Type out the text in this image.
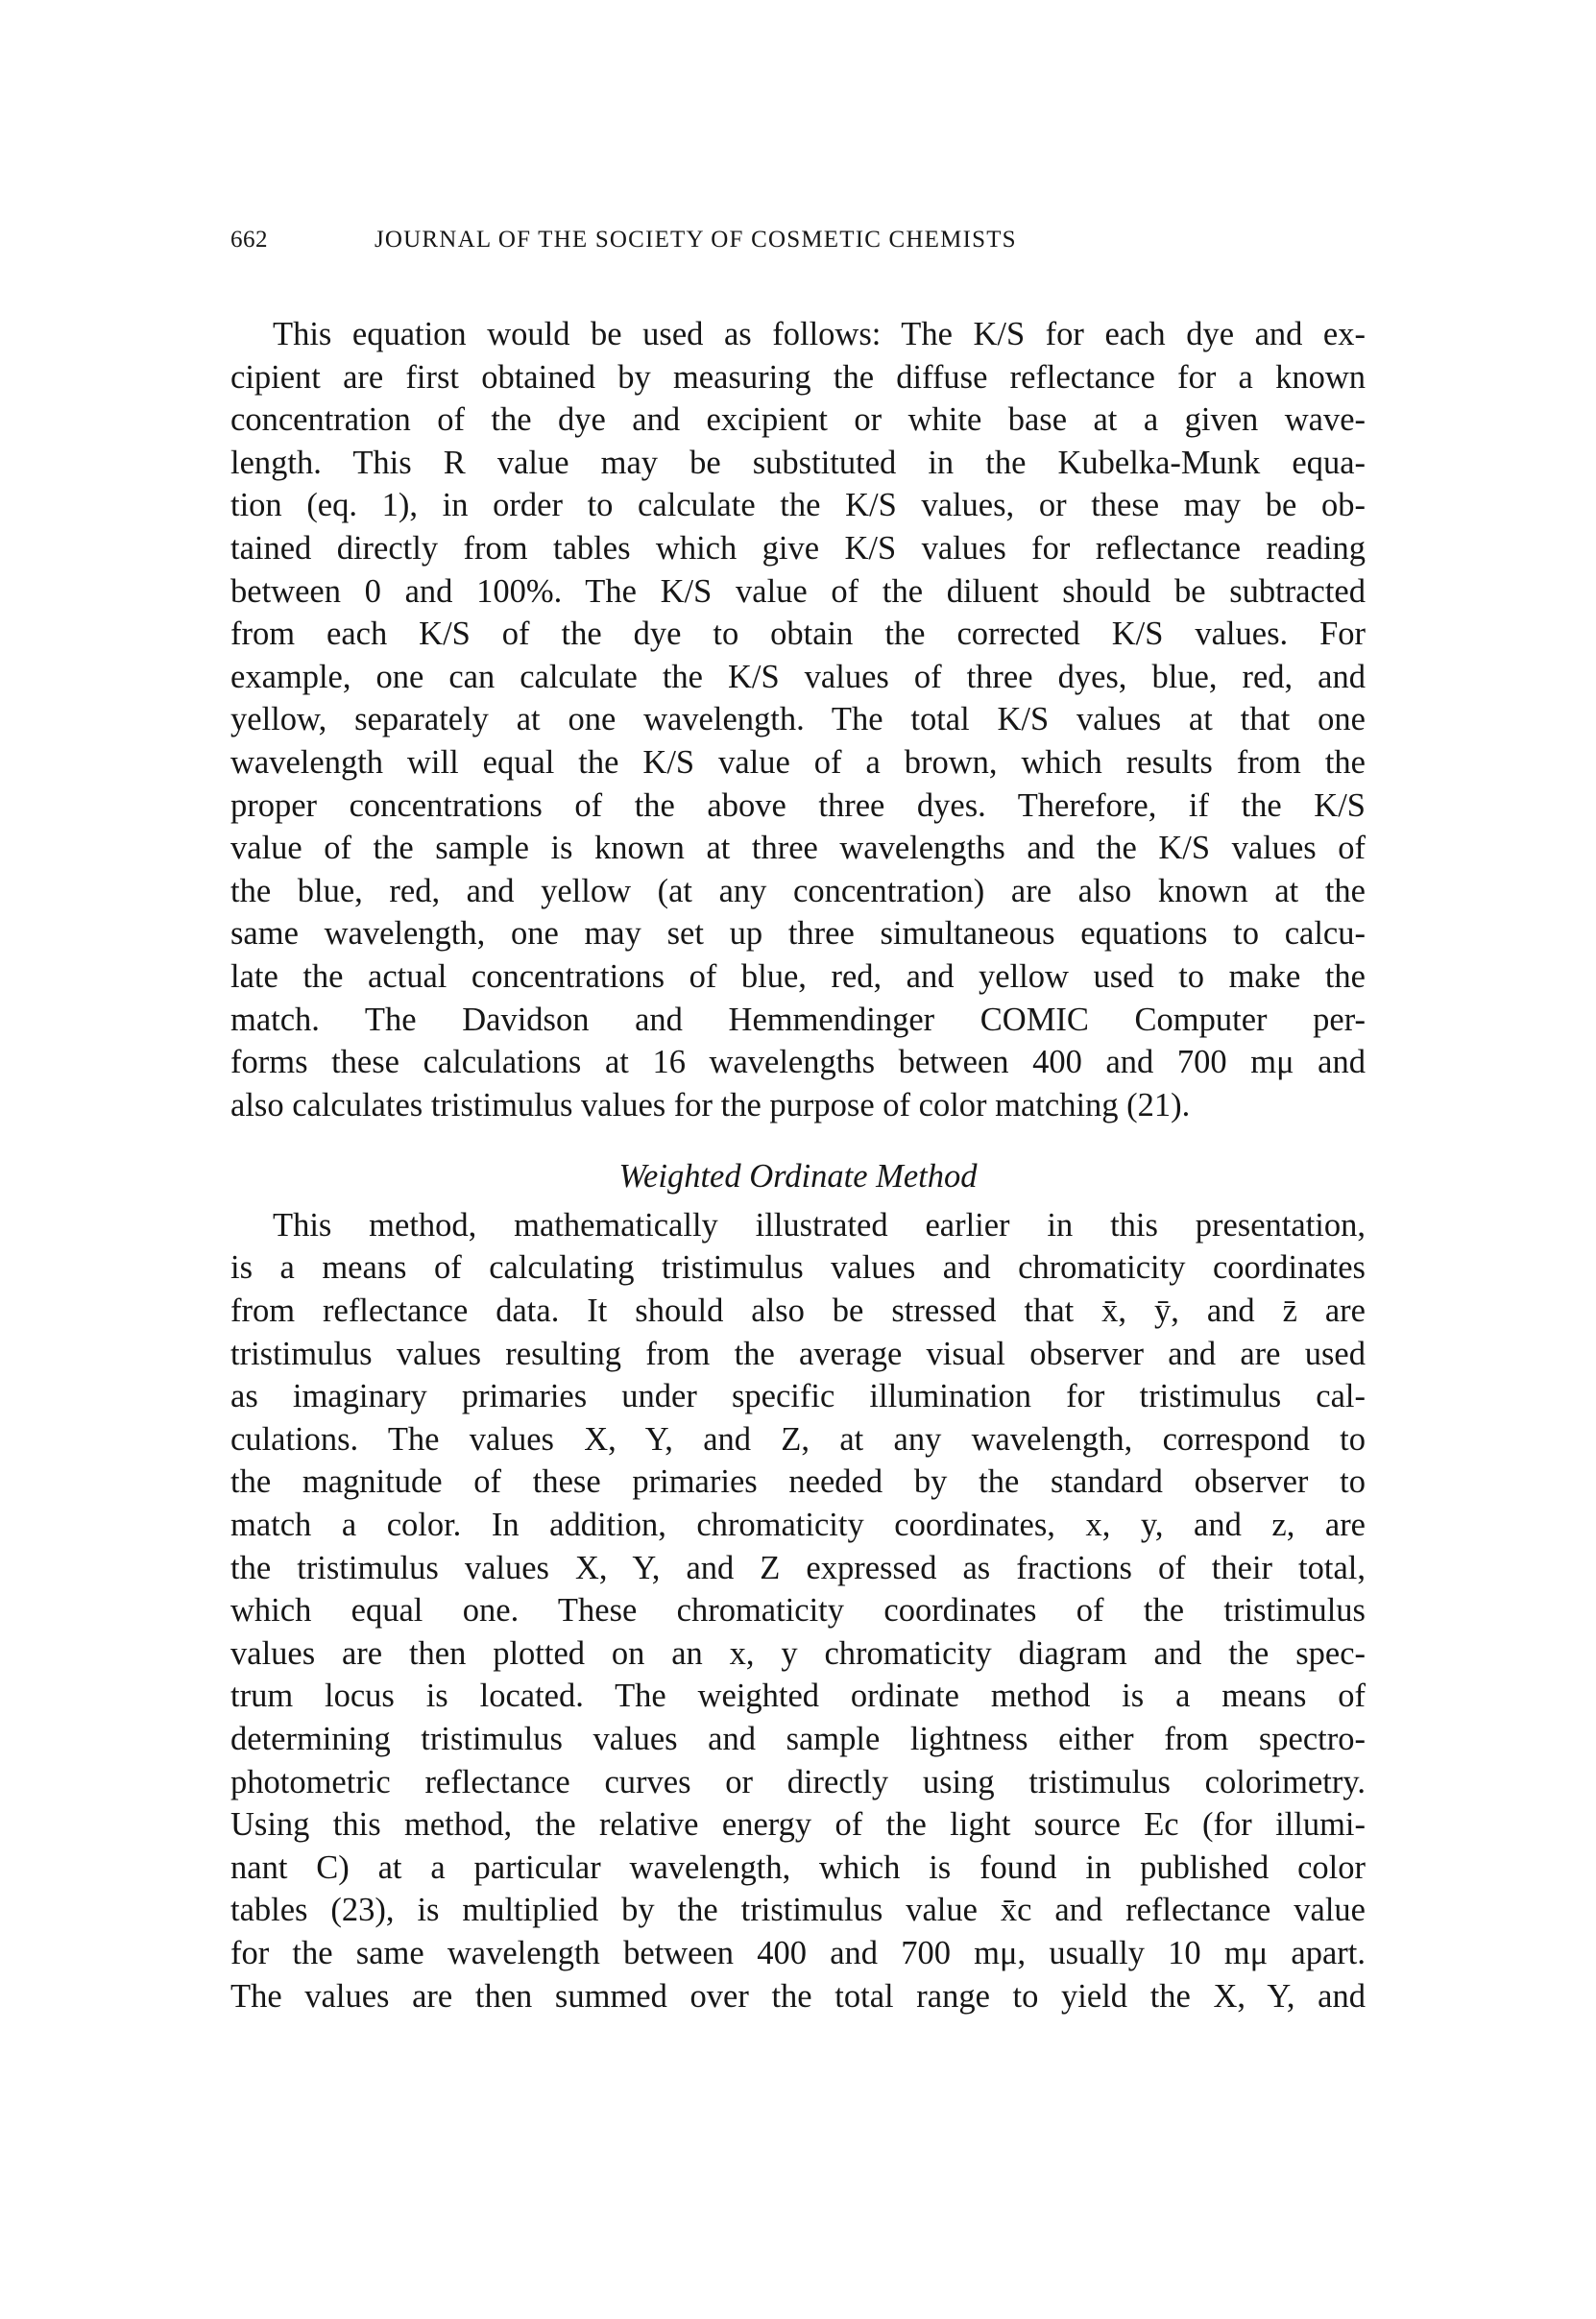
662	JOURNAL OF THE SOCIETY OF COSMETIC CHEMISTS
This equation would be used as follows: The K/S for each dye and ex-
cipient are first obtained by measuring the diffuse reflectance for a known
concentration of the dye and excipient or white base at a given wave-
length. This R value may be substituted in the Kubelka-Munk equa-
tion (eq. 1), in order to calculate the K/S values, or these may be ob-
tained directly from tables which give K/S values for reflectance reading
between 0 and 100%. The K/S value of the diluent should be subtracted
from each K/S of the dye to obtain the corrected K/S values. For
example, one can calculate the K/S values of three dyes, blue, red, and
yellow, separately at one wavelength. The total K/S values at that one
wavelength will equal the K/S value of a brown, which results from the
proper concentrations of the above three dyes. Therefore, if the K/S
value of the sample is known at three wavelengths and the K/S values of
the blue, red, and yellow (at any concentration) are also known at the
same wavelength, one may set up three simultaneous equations to calcu-
late the actual concentrations of blue, red, and yellow used to make the
match. The Davidson and Hemmendinger COMIC Computer per-
forms these calculations at 16 wavelengths between 400 and 700 mμ and
also calculates tristimulus values for the purpose of color matching (21).
Weighted Ordinate Method
This method, mathematically illustrated earlier in this presentation,
is a means of calculating tristimulus values and chromaticity coordinates
from reflectance data. It should also be stressed that x̄, ȳ, and z̄ are
tristimulus values resulting from the average visual observer and are used
as imaginary primaries under specific illumination for tristimulus cal-
culations. The values X, Y, and Z, at any wavelength, correspond to
the magnitude of these primaries needed by the standard observer to
match a color. In addition, chromaticity coordinates, x, y, and z, are
the tristimulus values X, Y, and Z expressed as fractions of their total,
which equal one. These chromaticity coordinates of the tristimulus
values are then plotted on an x, y chromaticity diagram and the spec-
trum locus is located. The weighted ordinate method is a means of
determining tristimulus values and sample lightness either from spectro-
photometric reflectance curves or directly using tristimulus colorimetry.
Using this method, the relative energy of the light source Ec (for illumi-
nant C) at a particular wavelength, which is found in published color
tables (23), is multiplied by the tristimulus value x̄c and reflectance value
for the same wavelength between 400 and 700 mμ, usually 10 mμ apart.
The values are then summed over the total range to yield the X, Y, and
